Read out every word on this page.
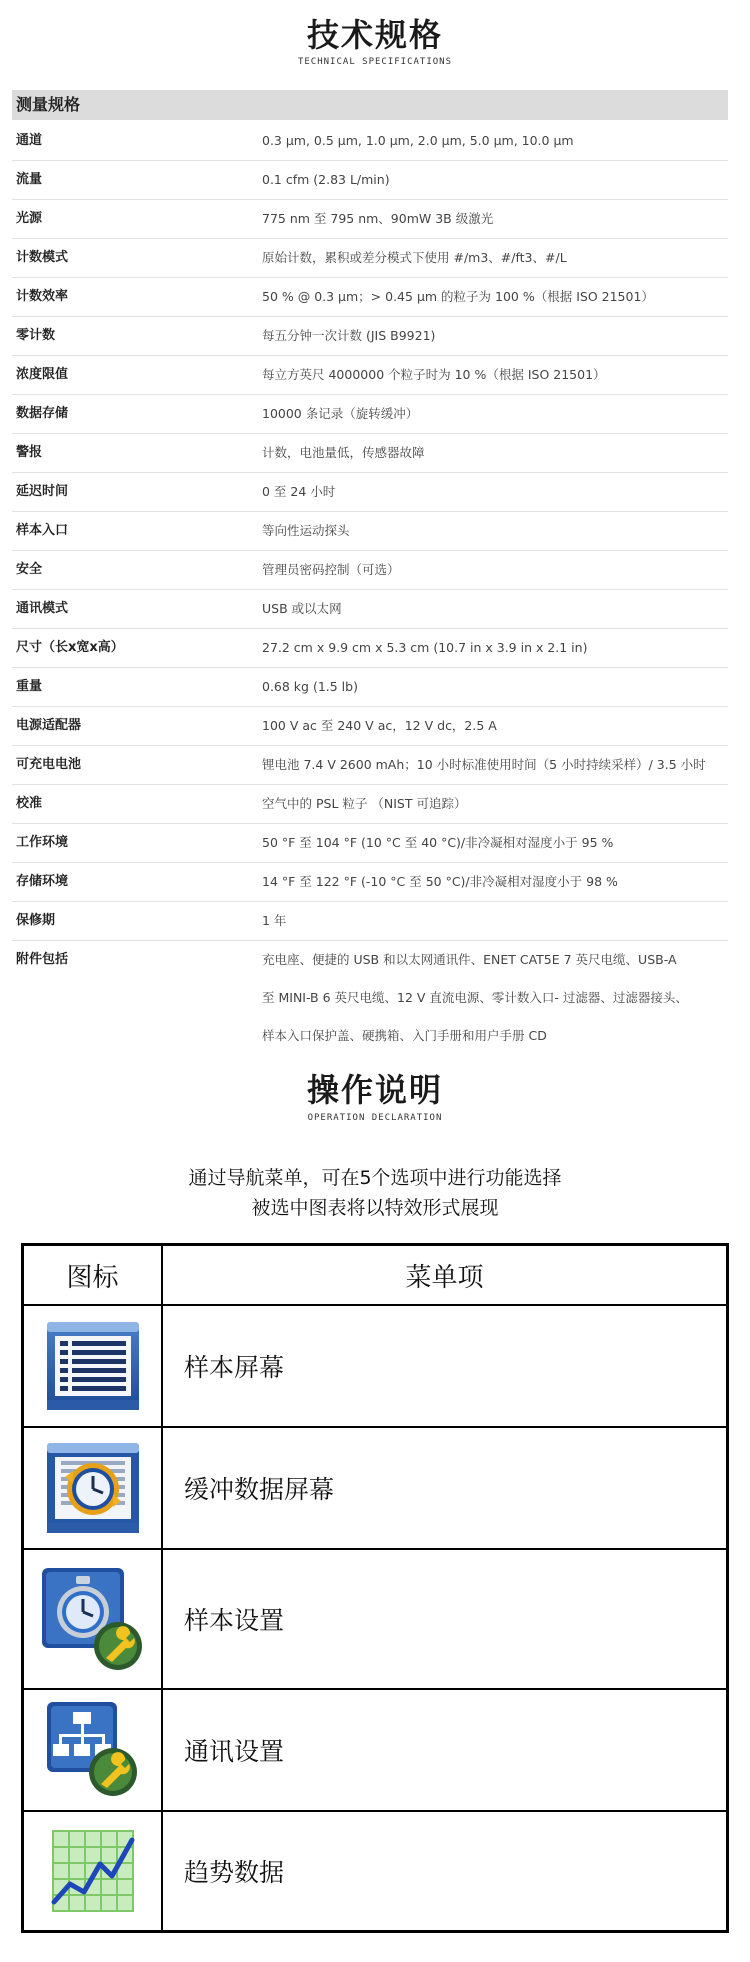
技术规格
TECHNICAL SPECIFICATIONS
测量规格
通道	0.3 µm, 0.5 µm, 1.0 µm, 2.0 µm, 5.0 µm, 10.0 µm
流量	0.1 cfm (2.83 L/min)
光源	775 nm 至 795 nm、90mW 3B 级激光
计数模式	原始计数，累积或差分模式下使用 #/m3、#/ft3、#/L
计数效率	50 % @ 0.3 µm；> 0.45 µm 的粒子为 100 %（根据 ISO 21501）
零计数	每五分钟一次计数 (JIS B9921)
浓度限值	每立方英尺 4000000 个粒子时为 10 %（根据 ISO 21501）
数据存储	10000 条记录（旋转缓冲）
警报	计数，电池量低，传感器故障
延迟时间	0 至 24 小时
样本入口	等向性运动探头
安全	管理员密码控制（可选）
通讯模式	USB 或以太网
尺寸（长x宽x高）	27.2 cm x 9.9 cm x 5.3 cm (10.7 in x 3.9 in x 2.1 in)
重量	0.68 kg (1.5 lb)
电源适配器	100 V ac 至 240 V ac，12 V dc，2.5 A
可充电电池	锂电池 7.4 V 2600 mAh；10 小时标准使用时间（5 小时持续采样）/ 3.5 小时
校准	空气中的 PSL 粒子 （NIST 可追踪）
工作环境	50 °F 至 104 °F (10 °C 至 40 °C)/非冷凝相对湿度小于 95 %
存储环境	14 °F 至 122 °F (-10 °C 至 50 °C)/非冷凝相对湿度小于 98 %
保修期	1 年
附件包括	充电座、便捷的 USB 和以太网通讯件、ENET CAT5E 7 英尺电缆、USB-A
至 MINI-B 6 英尺电缆、12 V 直流电源、零计数入口- 过滤器、过滤器接头、
样本入口保护盖、硬携箱、入门手册和用户手册 CD
操作说明
OPERATION DECLARATION
通过导航菜单，可在5个选项中进行功能选择
被选中图表将以特效形式展现
图标	菜单项
样本屏幕
缓冲数据屏幕
样本设置
通讯设置
趋势数据
